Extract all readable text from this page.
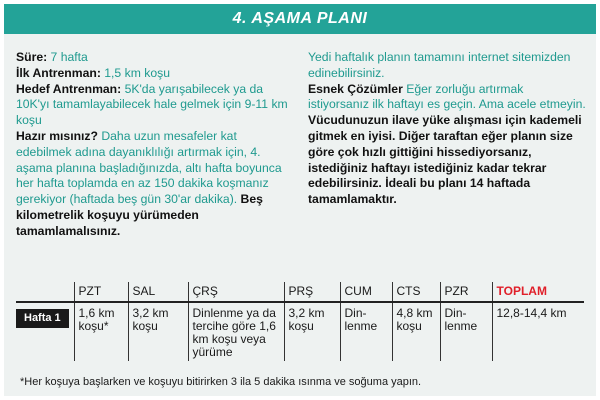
4. AŞAMA PLANI

Süre: 7 hafta

İlk Antrenman: 1,5 km koşu

Hedef Antrenman: 5K'da yarışabilecek ya da 10K'yı tamamlayabilecek hale gelmek için 9-11 km koşu

Hazır mısınız? Daha uzun mesafeler kat edebilmek adına dayanıklılığı artırmak için, 4. aşama planına başladığınızda, altı hafta boyunca her hafta toplamda en az 150 dakika koşmanız gerekiyor (haftada beş gün 30'ar dakika). Beş kilometrelik koşuyu yürümeden tamamlamalısınız.

Yedi haftalık planın tamamını internet sitemizden edinebilirsiniz.

Esnek Çözümler Eğer zorluğu artırmak istiyorsanız ilk haftayı es geçin. Ama acele etmeyin. Vücudunuzun ilave yüke alışması için kademeli gitmek en iyisi. Diğer taraftan eğer planın size göre çok hızlı gittiğini hissediyorsanız, istediğiniz haftayı istediğiniz kadar tekrar edebilirsiniz. İdeali bu planı 14 haftada tamamlamaktır.

	PZT	SAL	ÇRŞ	PRŞ	CUM	CTS	PZR	TOPLAM
Hafta 1	1,6 km koşu*	3,2 km koşu	Dinlenme ya da tercihe göre 1,6 km koşu veya yürüme	3,2 km koşu	Din-lenme	4,8 km koşu	Din-lenme	12,8-14,4 km
*Her koşuya başlarken ve koşuyu bitirirken 3 ila 5 dakika ısınma ve soğuma yapın.
